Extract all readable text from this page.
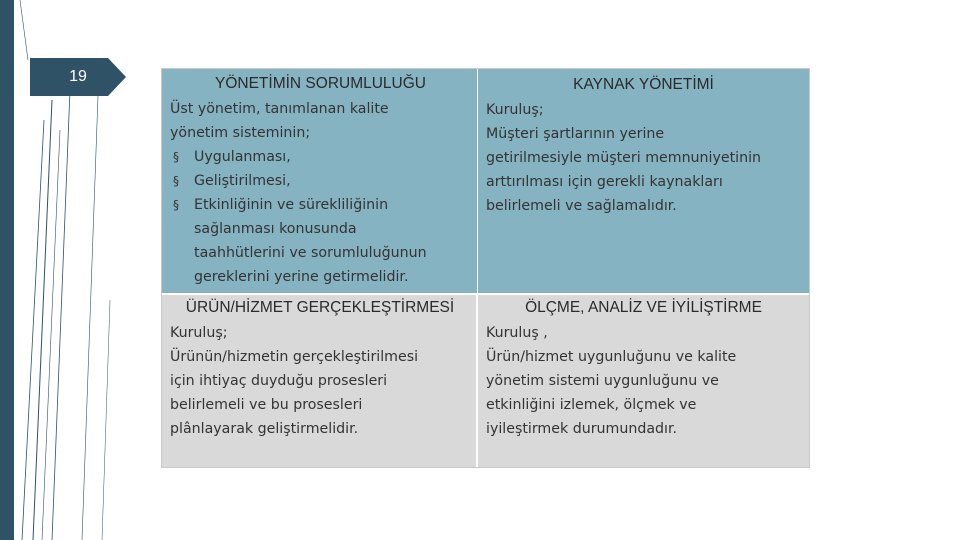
19	YÖNETİMİN SORUMLULUĞU
Üst yönetim, tanımlanan kalite
yönetim sisteminin;
§ Uygulanması,
§ Geliştirilmesi,
§ Etkinliğinin ve sürekliliğinin
sağlanması konusunda
taahhütlerini ve sorumluluğunun
gereklerini yerine getirmelidir.
KAYNAK YÖNETİMİ
Kuruluş;
Müşteri şartlarının yerine
getirilmesiyle müşteri memnuniyetinin
arttırılması için gerekli kaynakları
belirlemeli ve sağlamalıdır.
ÜRÜN/HİZMET GERÇEKLEŞTİRMESİ
Kuruluş;
Ürünün/hizmetin gerçekleştirilmesi
için ihtiyaç duyduğu prosesleri
belirlemeli ve bu prosesleri
plânlayarak geliştirmelidir.
ÖLÇME, ANALİZ VE İYİLİŞTİRME
Kuruluş ,
Ürün/hizmet uygunluğunu ve kalite
yönetim sistemi uygunluğunu ve
etkinliğini izlemek, ölçmek ve
iyileştirmek durumundadır.
